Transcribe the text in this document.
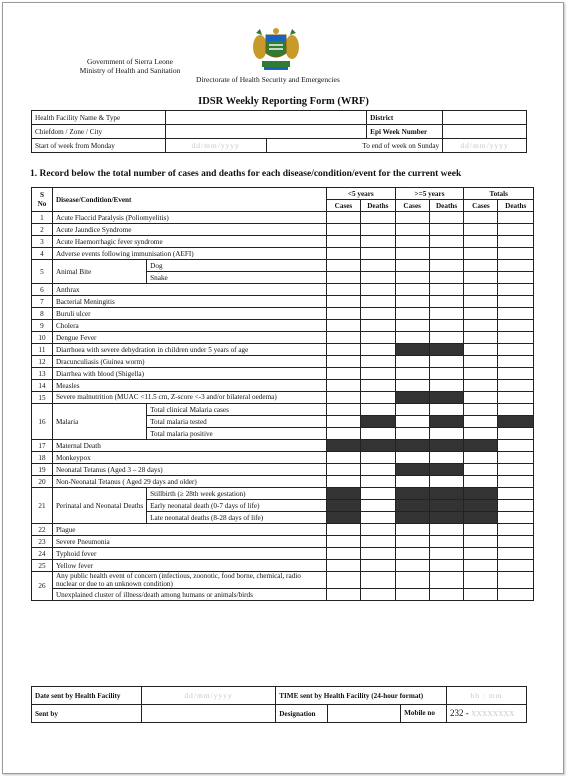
Government of Sierra Leone
Ministry of Health and Sanitation
Directorate of Health Security and Emergencies
IDSR Weekly Reporting Form (WRF)
Health Facility Name & Type			District	
Chiefdom / Zone / City			Epi Week Number	
Start of week from Monday	dd/mm/yyyy	To end of week on Sunday		dd/mm/yyyy
1. Record below the total number of cases and deaths for each disease/condition/event for the current week
S
No	Disease/Condition/Event		<5 years		>=5 years		Totals	
			Cases	Deaths	Cases	Deaths	Cases	Deaths
1	Acute Flaccid Paralysis (Poliomyelitis)							
2	Acute Jaundice Syndrome							
3	Acute Haemorrhagic fever syndrome							
4	Adverse events following immunisation (AEFI)							
5	Animal Bite	Dog						
		Snake						
6	Anthrax							
7	Bacterial Meningitis							
8	Buruli ulcer							
9	Cholera							
10	Dengue Fever							
11	Diarrhoea with severe dehydration in children under 5 years of age							
12	Dracunculiasis (Guinea worm)							
13	Diarrhea with blood (Shigella)							
14	Measles							
15	Severe malnutrition (MUAC <11.5 cm, Z-score <-3 and/or bilateral oedema)							
16	Malaria	Total clinical Malaria cases						
		Total malaria tested						
		Total malaria positive						
17	Maternal Death							
18	Monkeypox							
19	Neonatal Tetanus (Aged 3 – 28 days)							
20	Non-Neonatal Tetanus ( Aged 29 days and older)							
21	Perinatal and Neonatal Deaths	Stillbirth (≥ 28th week gestation)						
		Early neonatal death (0-7 days of life)						
		Late neonatal deaths (8-28 days of life)						
22	Plague							
23	Severe Pneumonia							
24	Typhoid fever							
25	Yellow fever							
26	Any public health event of concern (infectious, zoonotic, food borne, chemical, radio nuclear or due to an unknown condition)							
	Unexplained cluster of illness/death among humans or animals/birds							
Date sent by Health Facility	dd/mm/yyyy	TIME sent by Health Facility (24-hour format)			hh : mm
Sent by		Designation		Mobile no	232 - XXXXXXXX
